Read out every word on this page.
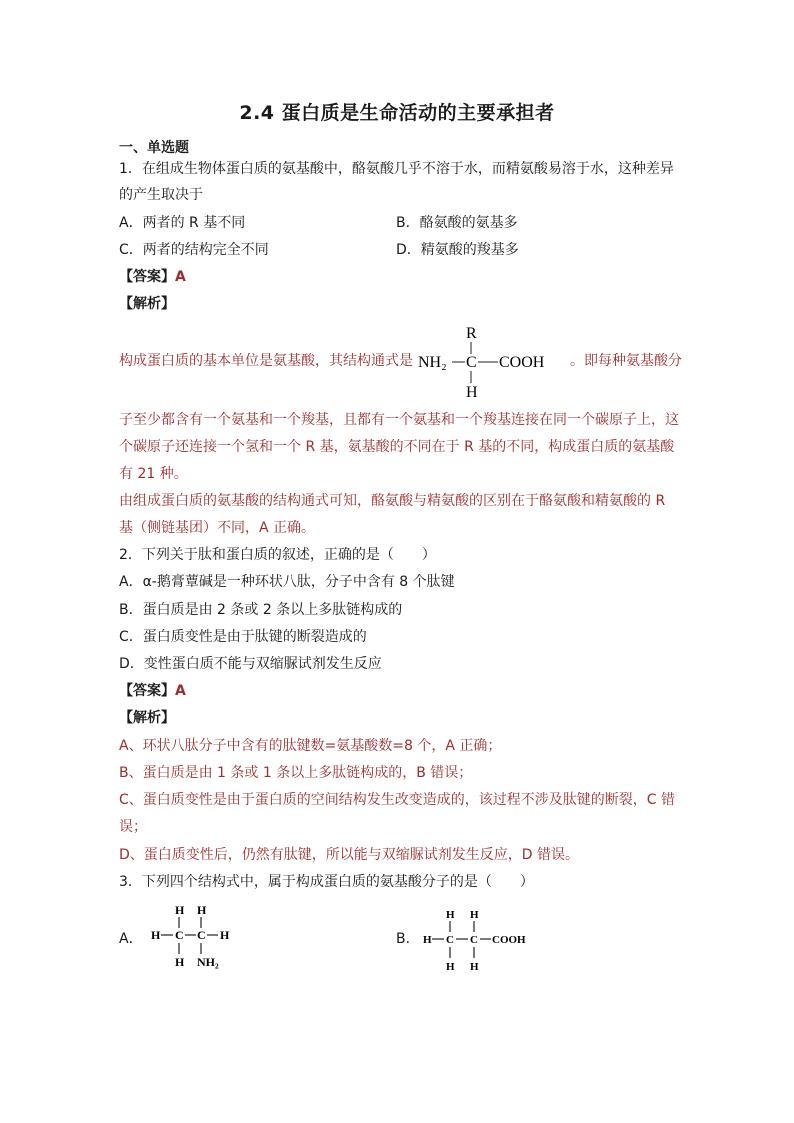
2.4 蛋白质是生命活动的主要承担者
一、单选题
1．在组成生物体蛋白质的氨基酸中，酪氨酸几乎不溶于水，而精氨酸易溶于水，这种差异
的产生取决于
A．两者的 R 基不同	B．酪氨酸的氨基多
C．两者的结构完全不同	D．精氨酸的羧基多
【答案】A
【解析】
构成蛋白质的基本单位是氨基酸，其结构通式是
R
NH₂ C COOH
H
。即每种氨基酸分
子至少都含有一个氨基和一个羧基，且都有一个氨基和一个羧基连接在同一个碳原子上，这
个碳原子还连接一个氢和一个 R 基，氨基酸的不同在于 R 基的不同，构成蛋白质的氨基酸
有 21 种。
由组成蛋白质的氨基酸的结构通式可知，酪氨酸与精氨酸的区别在于酪氨酸和精氨酸的 R
基（侧链基团）不同，A 正确。
2．下列关于肽和蛋白质的叙述，正确的是（　　）
A．α-鹅膏蕈碱是一种环状八肽，分子中含有 8 个肽键
B．蛋白质是由 2 条或 2 条以上多肽链构成的
C．蛋白质变性是由于肽键的断裂造成的
D．变性蛋白质不能与双缩脲试剂发生反应
【答案】A
【解析】
A、环状八肽分子中含有的肽键数=氨基酸数=8 个，A 正确；
B、蛋白质是由 1 条或 1 条以上多肽链构成的，B 错误；
C、蛋白质变性是由于蛋白质的空间结构发生改变造成的，该过程不涉及肽键的断裂，C 错
误；
D、蛋白质变性后，仍然有肽键，所以能与双缩脲试剂发生反应，D 错误。
3．下列四个结构式中，属于构成蛋白质的氨基酸分子的是（　　）
A．
H H
H C C H
H NH₂
B．
H H
H C C COOH
H H
